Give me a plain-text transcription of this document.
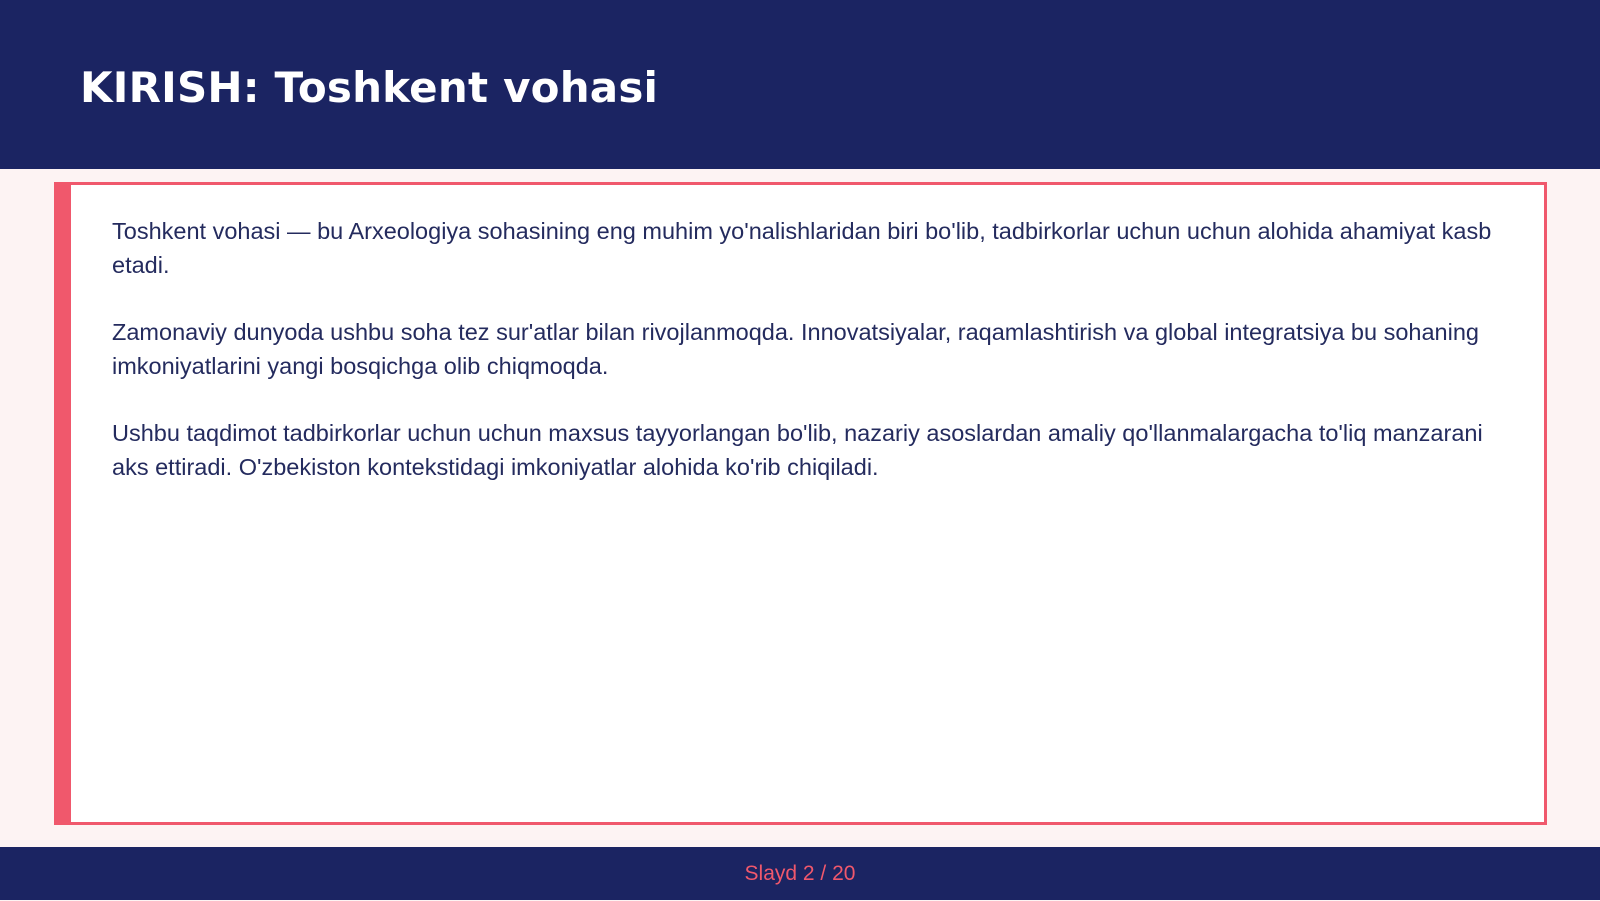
KIRISH: Toshkent vohasi

Toshkent vohasi — bu Arxeologiya sohasining eng muhim yo'nalishlaridan biri bo'lib, tadbirkorlar uchun uchun alohida ahamiyat kasb etadi.

Zamonaviy dunyoda ushbu soha tez sur'atlar bilan rivojlanmoqda. Innovatsiyalar, raqamlashtirish va global integratsiya bu sohaning imkoniyatlarini yangi bosqichga olib chiqmoqda.

Ushbu taqdimot tadbirkorlar uchun uchun maxsus tayyorlangan bo'lib, nazariy asoslardan amaliy qo'llanmalargacha to'liq manzarani aks ettiradi. O'zbekiston kontekstidagi imkoniyatlar alohida ko'rib chiqiladi.

Slayd 2 / 20
